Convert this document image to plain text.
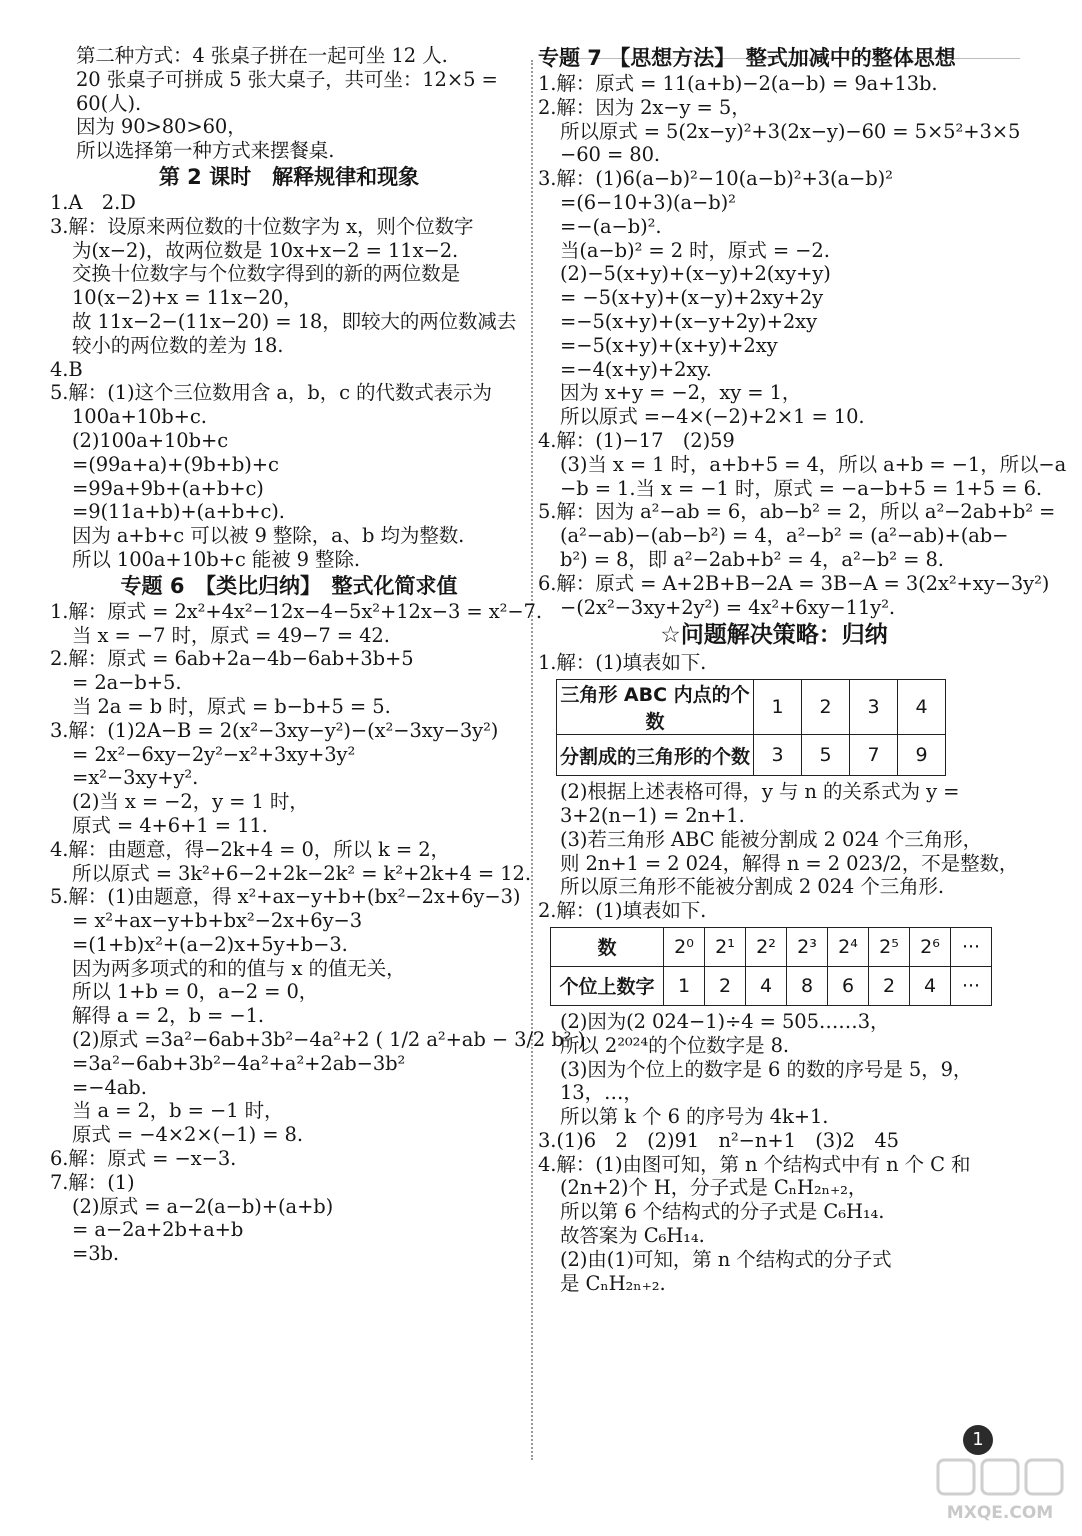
第二种方式：4 张桌子拼在一起可坐 12 人.
20 张桌子可拼成 5 张大桌子，共可坐：12×5 =
60(人).
因为 90>80>60，
所以选择第一种方式来摆餐桌.
第 2 课时　解释规律和现象
1.A　2.D
3.解：设原来两位数的十位数字为 x，则个位数字
为(x−2)，故两位数是 10x+x−2 = 11x−2.
交换十位数字与个位数字得到的新的两位数是
10(x−2)+x = 11x−20，
故 11x−2−(11x−20) = 18，即较大的两位数减去
较小的两位数的差为 18.
4.B
5.解：(1)这个三位数用含 a，b，c 的代数式表示为
100a+10b+c.
(2)100a+10b+c
=(99a+a)+(9b+b)+c
=99a+9b+(a+b+c)
=9(11a+b)+(a+b+c).
因为 a+b+c 可以被 9 整除，a、b 均为整数.
所以 100a+10b+c 能被 9 整除.
专题 6　【类比归纳】　整式化简求值
1.解：原式 = 2x²+4x²−12x−4−5x²+12x−3 = x²−7.
当 x = −7 时，原式 = 49−7 = 42.
2.解：原式 = 6ab+2a−4b−6ab+3b+5
= 2a−b+5.
当 2a = b 时，原式 = b−b+5 = 5.
3.解：(1)2A−B = 2(x²−3xy−y²)−(x²−3xy−3y²)
= 2x²−6xy−2y²−x²+3xy+3y²
=x²−3xy+y².
(2)当 x = −2，y = 1 时，
原式 = 4+6+1 = 11.
4.解：由题意，得−2k+4 = 0，所以 k = 2，
所以原式 = 3k²+6−2+2k−2k² = k²+2k+4 = 12.
5.解：(1)由题意，得 x²+ax−y+b+(bx²−2x+6y−3)
= x²+ax−y+b+bx²−2x+6y−3
=(1+b)x²+(a−2)x+5y+b−3.
因为两多项式的和的值与 x 的值无关，
所以 1+b = 0，a−2 = 0，
解得 a = 2，b = −1.
(2)原式 =3a²−6ab+3b²−4a²+2 ( 1/2 a²+ab − 3/2 b² )
=3a²−6ab+3b²−4a²+a²+2ab−3b²
=−4ab.
当 a = 2，b = −1 时，
原式 = −4×2×(−1) = 8.
6.解：原式 = −x−3.
7.解：(1)
(2)原式 = a−2(a−b)+(a+b)
= a−2a+2b+a+b
=3b.
专题 7 【思想方法】　整式加减中的整体思想
1.解：原式 = 11(a+b)−2(a−b) = 9a+13b.
2.解：因为 2x−y = 5，
所以原式 = 5(2x−y)²+3(2x−y)−60 = 5×5²+3×5
−60 = 80.
3.解：(1)6(a−b)²−10(a−b)²+3(a−b)²
=(6−10+3)(a−b)²
=−(a−b)².
当(a−b)² = 2 时，原式 = −2.
(2)−5(x+y)+(x−y)+2(xy+y)
= −5(x+y)+(x−y)+2xy+2y
=−5(x+y)+(x−y+2y)+2xy
=−5(x+y)+(x+y)+2xy
=−4(x+y)+2xy.
因为 x+y = −2，xy = 1，
所以原式 =−4×(−2)+2×1 = 10.
4.解：(1)−17　(2)59
(3)当 x = 1 时，a+b+5 = 4，所以 a+b = −1，所以−a
−b = 1.当 x = −1 时，原式 = −a−b+5 = 1+5 = 6.
5.解：因为 a²−ab = 6，ab−b² = 2，所以 a²−2ab+b² =
(a²−ab)−(ab−b²) = 4，a²−b² = (a²−ab)+(ab−
b²) = 8，即 a²−2ab+b² = 4，a²−b² = 8.
6.解：原式 = A+2B+B−2A = 3B−A = 3(2x²+xy−3y²)
−(2x²−3xy+2y²) = 4x²+6xy−11y².
☆问题解决策略：归纳
1.解：(1)填表如下.
三角形 ABC 内点的个数	1	2	3	4
分割成的三角形的个数	3	5	7	9
(2)根据上述表格可得，y 与 n 的关系式为 y =
3+2(n−1) = 2n+1.
(3)若三角形 ABC 能被分割成 2 024 个三角形，
则 2n+1 = 2 024，解得 n = 2 023/2，不是整数，
所以原三角形不能被分割成 2 024 个三角形.
2.解：(1)填表如下.
数	2⁰	2¹	2²	2³	2⁴	2⁵	2⁶	···
个位上数字	1	2	4	8	6	2	4	···
(2)因为(2 024−1)÷4 = 505……3，
所以 2²⁰²⁴的个位数字是 8.
(3)因为个位上的数字是 6 的数的序号是 5，9，
13，…，
所以第 k 个 6 的序号为 4k+1.
3.(1)6　2　(2)91　n²−n+1　(3)2　45
4.解：(1)由图可知，第 n 个结构式中有 n 个 C 和
(2n+2)个 H，分子式是 CₙH₂ₙ₊₂，
所以第 6 个结构式的分子式是 C₆H₁₄.
故答案为 C₆H₁₄.
(2)由(1)可知，第 n 个结构式的分子式
是 CₙH₂ₙ₊₂.
1
MXQE.COM
